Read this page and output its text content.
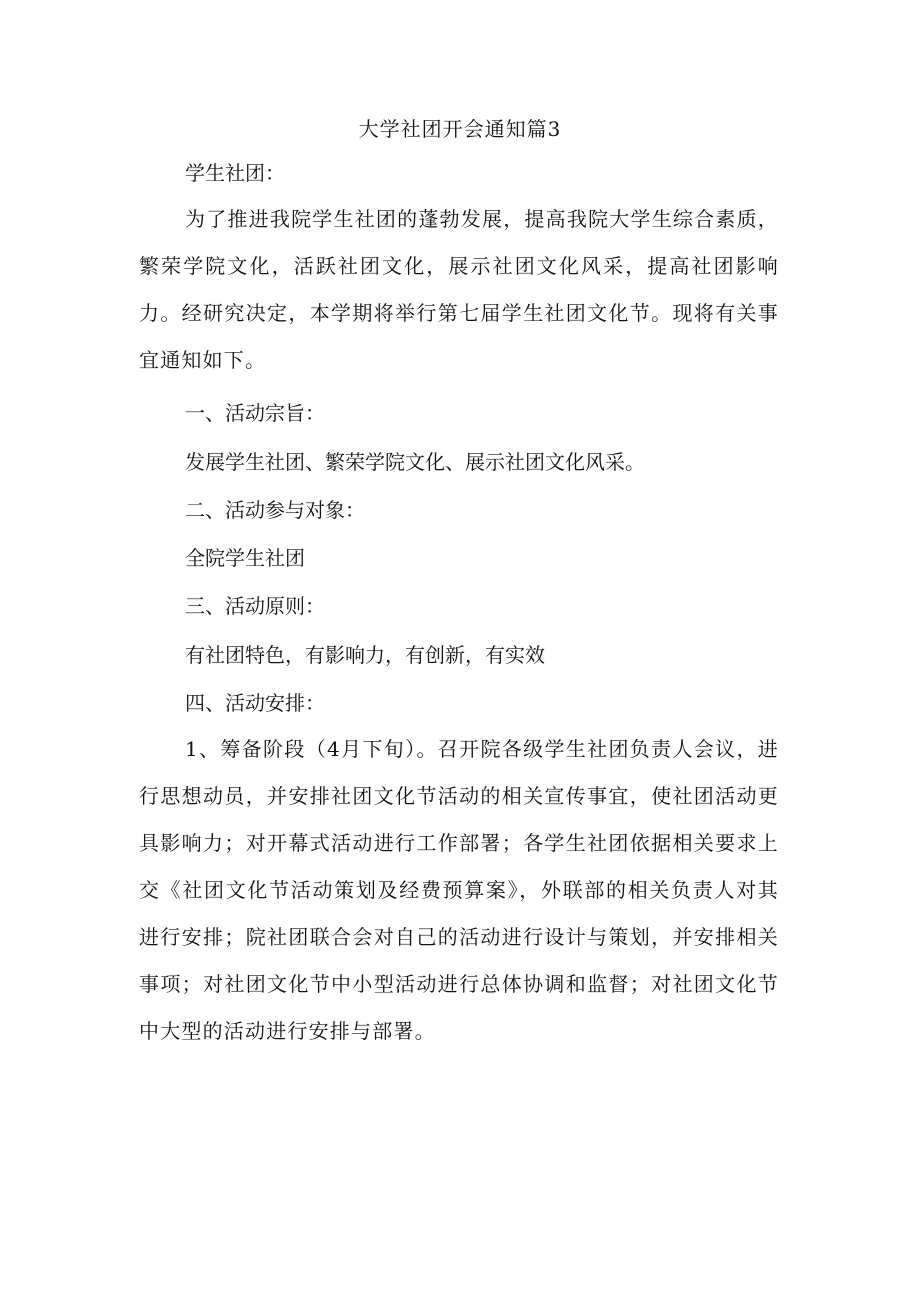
大学社团开会通知篇3
学生社团：

为了推进我院学生社团的蓬勃发展，提高我院大学生综合素质，繁荣学院文化，活跃社团文化，展示社团文化风采，提高社团影响力。经研究决定，本学期将举行第七届学生社团文化节。现将有关事宜通知如下。

一、活动宗旨：
发展学生社团、繁荣学院文化、展示社团文化风采。
二、活动参与对象：
全院学生社团
三、活动原则：
有社团特色，有影响力，有创新，有实效
四、活动安排：

1、筹备阶段（4月下旬）。召开院各级学生社团负责人会议，进行思想动员，并安排社团文化节活动的相关宣传事宜，使社团活动更具影响力；对开幕式活动进行工作部署；各学生社团依据相关要求上交《社团文化节活动策划及经费预算案》，外联部的相关负责人对其进行安排；院社团联合会对自己的活动进行设计与策划，并安排相关事项；对社团文化节中小型活动进行总体协调和监督；对社团文化节中大型的活动进行安排与部署。
